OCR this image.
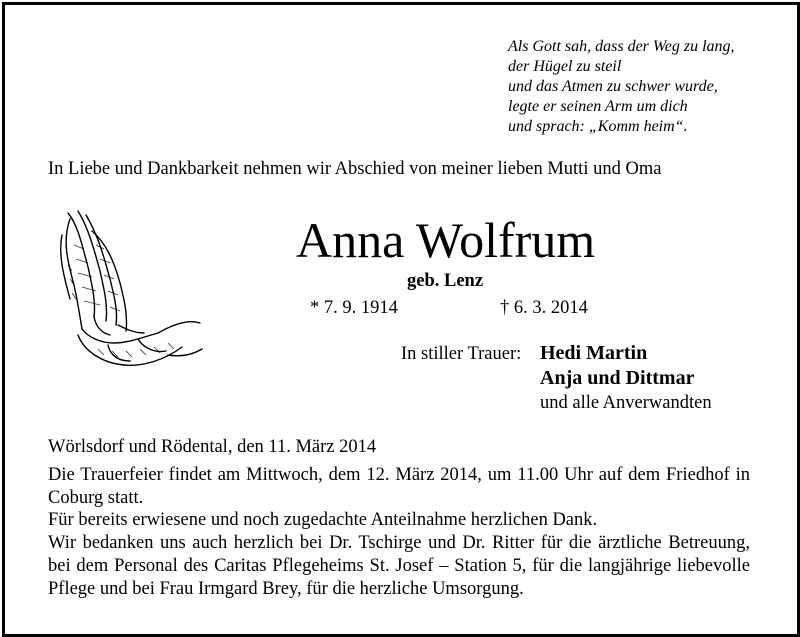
Als Gott sah, dass der Weg zu lang,
der Hügel zu steil
und das Atmen zu schwer wurde,
legte er seinen Arm um dich
und sprach: „Komm heim“.
In Liebe und Dankbarkeit nehmen wir Abschied von meiner lieben Mutti und Oma
Anna Wolfrum
geb. Lenz
* 7. 9. 1914	† 6. 3. 2014
In stiller Trauer: Hedi Martin
Anja und Dittmar
und alle Anverwandten
Wörlsdorf und Rödental, den 11. März 2014

Die Trauerfeier findet am Mittwoch, dem 12. März 2014, um 11.00 Uhr auf dem Friedhof in Coburg statt.

Für bereits erwiesene und noch zugedachte Anteilnahme herzlichen Dank.

Wir bedanken uns auch herzlich bei Dr. Tschirge und Dr. Ritter für die ärztliche Betreuung, bei dem Personal des Caritas Pflegeheims St. Josef – Station 5, für die langjährige liebevolle Pflege und bei Frau Irmgard Brey, für die herzliche Umsorgung.
